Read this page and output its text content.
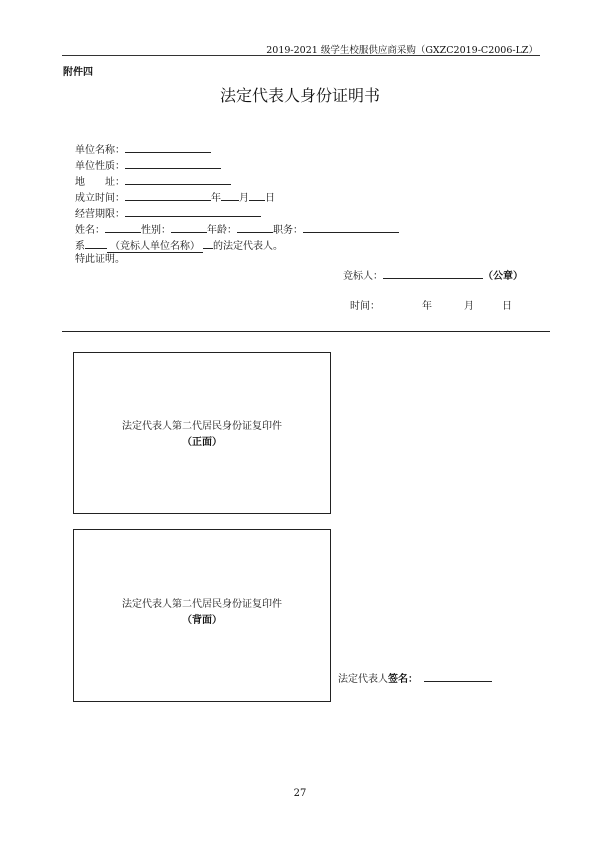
2019-2021 级学生校服供应商采购（GXZC2019-C2006-LZ）
附件四
法定代表人身份证明书
单位名称：
单位性质：
地　　址：
成立时间：	年 月 日
经营期限：
姓名：	性别：	年龄：	职务：
系	（竞标人单位名称） 的法定代表人。
特此证明。
竞标人：	（公章）
时间：	年	月	日
法定代表人第二代居民身份证复印件
（正面）
法定代表人第二代居民身份证复印件
（背面）
法定代表人签名：
27
